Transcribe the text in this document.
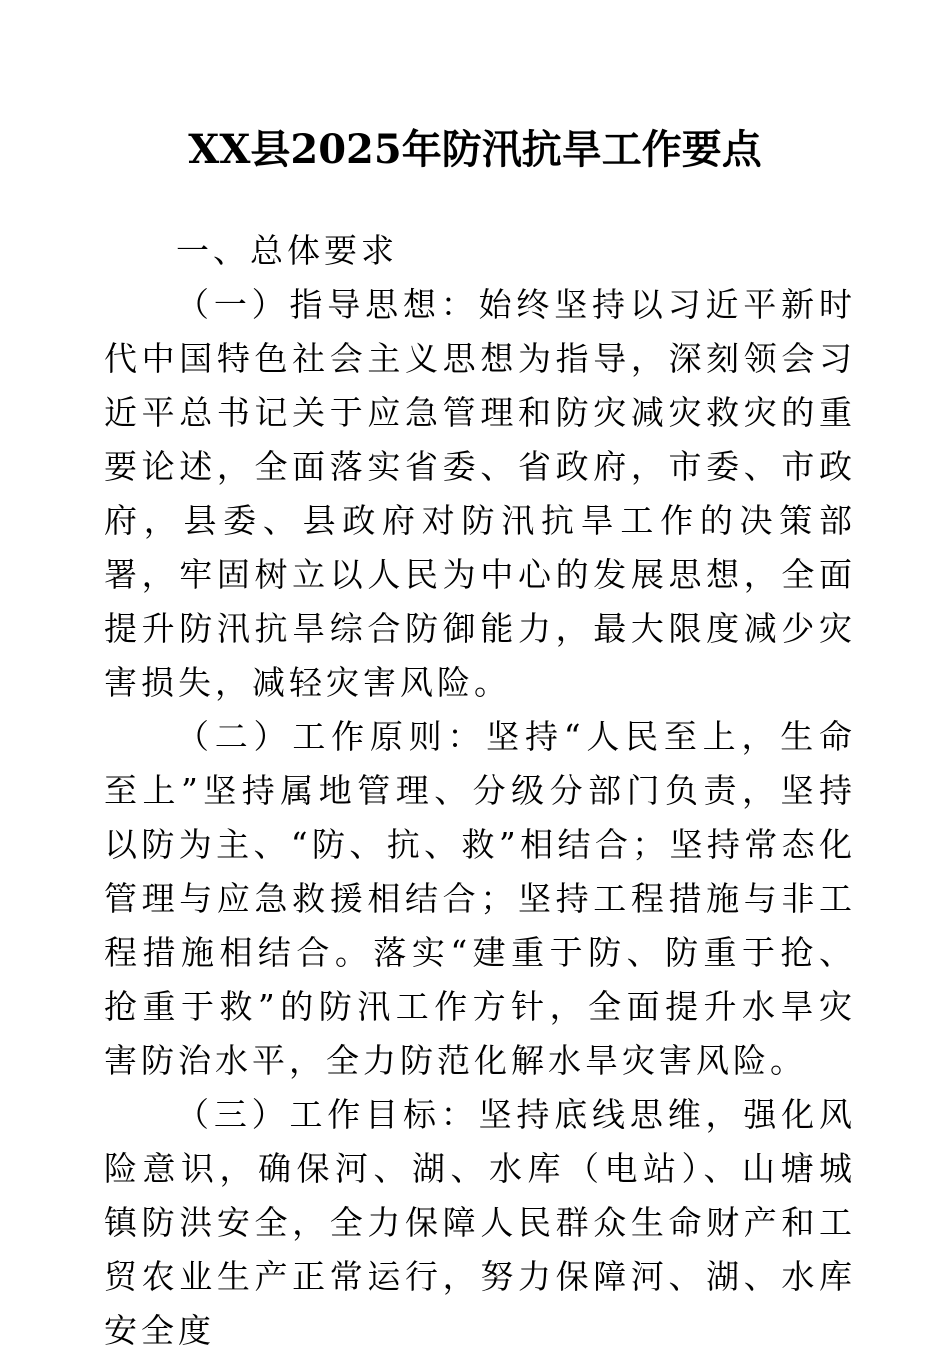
XX县2025年防汛抗旱工作要点

一、总体要求

（一）指导思想：始终坚持以习近平新时代中国特色社会主义思想为指导，深刻领会习近平总书记关于应急管理和防灾减灾救灾的重要论述，全面落实省委、省政府，市委、市政府，县委、县政府对防汛抗旱工作的决策部署，牢固树立以人民为中心的发展思想，全面提升防汛抗旱综合防御能力，最大限度减少灾害损失，减轻灾害风险。

（二）工作原则：坚持“人民至上，生命至上”坚持属地管理、分级分部门负责，坚持以防为主、“防、抗、救”相结合；坚持常态化管理与应急救援相结合；坚持工程措施与非工程措施相结合。落实“建重于防、防重于抢、抢重于救”的防汛工作方针，全面提升水旱灾害防治水平，全力防范化解水旱灾害风险。

（三）工作目标：坚持底线思维，强化风险意识，确保河、湖、水库（电站）、山塘城镇防洪安全，全力保障人民群众生命财产和工贸农业生产正常运行，努力保障河、湖、水库安全度
